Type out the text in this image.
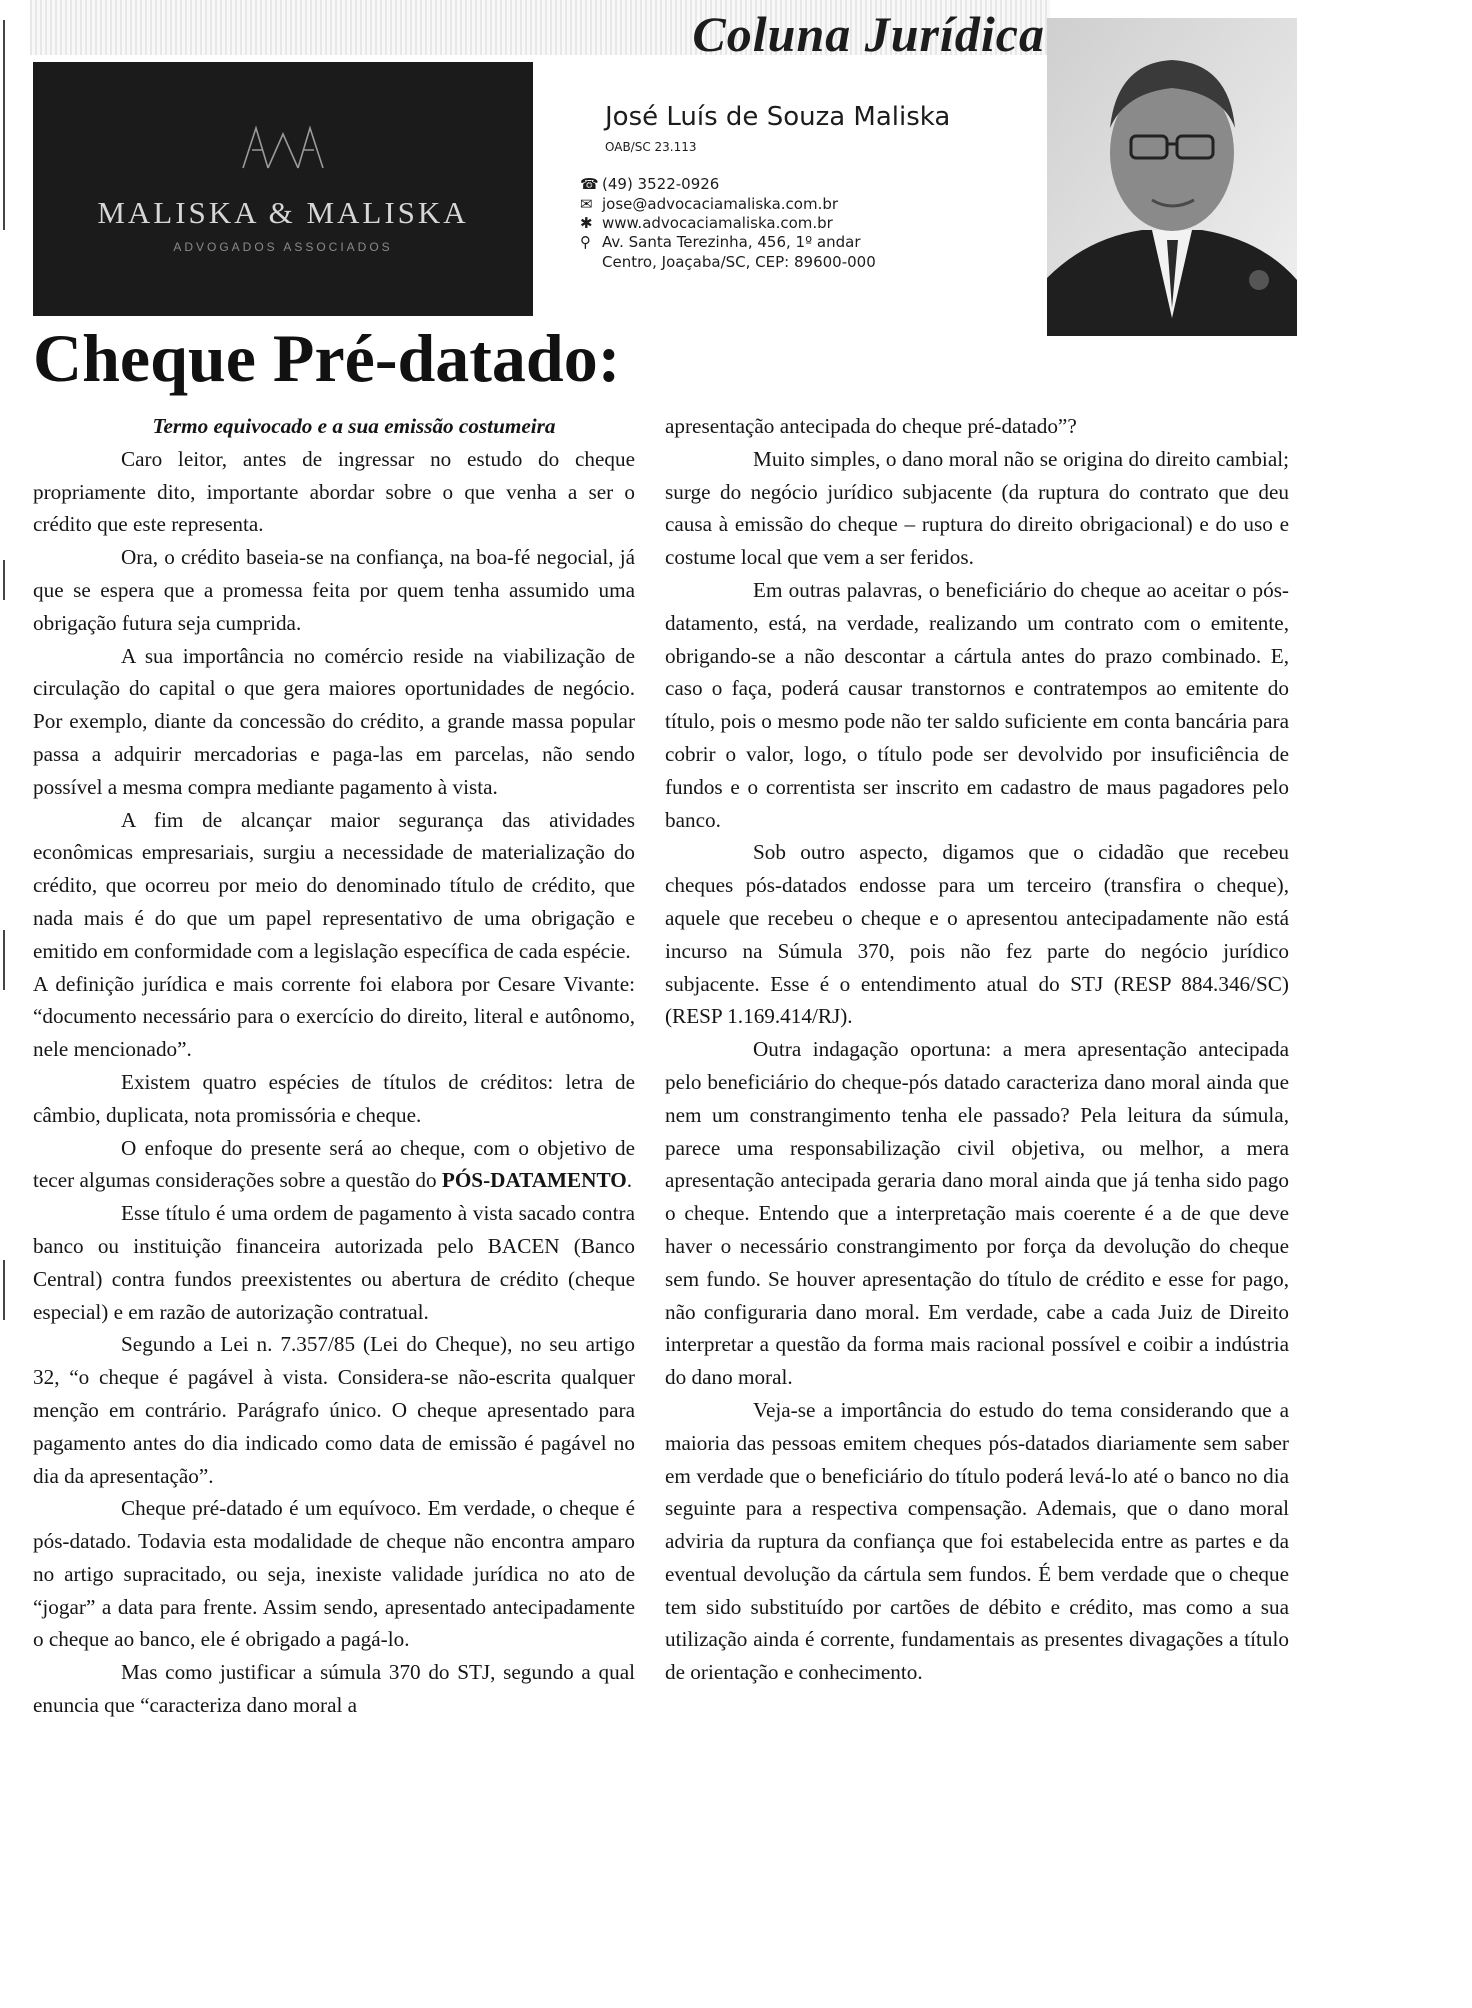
Coluna Jurídica
MALISKA & MALISKA
ADVOGADOS ASSOCIADOS
José Luís de Souza Maliska
OAB/SC 23.113
☎ (49) 3522-0926
✉ jose@advocaciamaliska.com.br
✱ www.advocaciamaliska.com.br
⚲ Av. Santa Terezinha, 456, 1º andar
Centro, Joaçaba/SC, CEP: 89600-000
Cheque Pré-datado:

Termo equivocado e a sua emissão costumeira

Caro leitor, antes de ingressar no estudo do cheque propriamente dito, importante abordar sobre o que venha a ser o crédito que este representa.

Ora, o crédito baseia-se na confiança, na boa-fé negocial, já que se espera que a promessa feita por quem tenha assumido uma obrigação futura seja cumprida.

A sua importância no comércio reside na viabilização de circulação do capital o que gera maiores oportunidades de negócio. Por exemplo, diante da concessão do crédito, a grande massa popular passa a adquirir mercadorias e paga-las em parcelas, não sendo possível a mesma compra mediante pagamento à vista.

A fim de alcançar maior segurança das atividades econômicas empresariais, surgiu a necessidade de materialização do crédito, que ocorreu por meio do denominado título de crédito, que nada mais é do que um papel representativo de uma obrigação e emitido em conformidade com a legislação específica de cada espécie.

A definição jurídica e mais corrente foi elabora por Cesare Vivante: “documento necessário para o exercício do direito, literal e autônomo, nele mencionado”.

Existem quatro espécies de títulos de créditos: letra de câmbio, duplicata, nota promissória e cheque.

O enfoque do presente será ao cheque, com o objetivo de tecer algumas considerações sobre a questão do PÓS-DATAMENTO.

Esse título é uma ordem de pagamento à vista sacado contra banco ou instituição financeira autorizada pelo BACEN (Banco Central) contra fundos preexistentes ou abertura de crédito (cheque especial) e em razão de autorização contratual.

Segundo a Lei n. 7.357/85 (Lei do Cheque), no seu artigo 32, “o cheque é pagável à vista. Considera-se não-escrita qualquer menção em contrário. Parágrafo único. O cheque apresentado para pagamento antes do dia indicado como data de emissão é pagável no dia da apresentação”.

Cheque pré-datado é um equívoco. Em verdade, o cheque é pós-datado. Todavia esta modalidade de cheque não encontra amparo no artigo supracitado, ou seja, inexiste validade jurídica no ato de “jogar” a data para frente. Assim sendo, apresentado antecipadamente o cheque ao banco, ele é obrigado a pagá-lo.

Mas como justificar a súmula 370 do STJ, segundo a qual enuncia que “caracteriza dano moral a

apresentação antecipada do cheque pré-datado”?

Muito simples, o dano moral não se origina do direito cambial; surge do negócio jurídico subjacente (da ruptura do contrato que deu causa à emissão do cheque – ruptura do direito obrigacional) e do uso e costume local que vem a ser feridos.

Em outras palavras, o beneficiário do cheque ao aceitar o pós-datamento, está, na verdade, realizando um contrato com o emitente, obrigando-se a não descontar a cártula antes do prazo combinado. E, caso o faça, poderá causar transtornos e contratempos ao emitente do título, pois o mesmo pode não ter saldo suficiente em conta bancária para cobrir o valor, logo, o título pode ser devolvido por insuficiência de fundos e o correntista ser inscrito em cadastro de maus pagadores pelo banco.

Sob outro aspecto, digamos que o cidadão que recebeu cheques pós-datados endosse para um terceiro (transfira o cheque), aquele que recebeu o cheque e o apresentou antecipadamente não está incurso na Súmula 370, pois não fez parte do negócio jurídico subjacente. Esse é o entendimento atual do STJ (RESP 884.346/SC) (RESP 1.169.414/RJ).

Outra indagação oportuna: a mera apresentação antecipada pelo beneficiário do cheque-pós datado caracteriza dano moral ainda que nem um constrangimento tenha ele passado? Pela leitura da súmula, parece uma responsabilização civil objetiva, ou melhor, a mera apresentação antecipada geraria dano moral ainda que já tenha sido pago o cheque. Entendo que a interpretação mais coerente é a de que deve haver o necessário constrangimento por força da devolução do cheque sem fundo. Se houver apresentação do título de crédito e esse for pago, não configuraria dano moral. Em verdade, cabe a cada Juiz de Direito interpretar a questão da forma mais racional possível e coibir a indústria do dano moral.

Veja-se a importância do estudo do tema considerando que a maioria das pessoas emitem cheques pós-datados diariamente sem saber em verdade que o beneficiário do título poderá levá-lo até o banco no dia seguinte para a respectiva compensação. Ademais, que o dano moral adviria da ruptura da confiança que foi estabelecida entre as partes e da eventual devolução da cártula sem fundos. É bem verdade que o cheque tem sido substituído por cartões de débito e crédito, mas como a sua utilização ainda é corrente, fundamentais as presentes divagações a título de orientação e conhecimento.
